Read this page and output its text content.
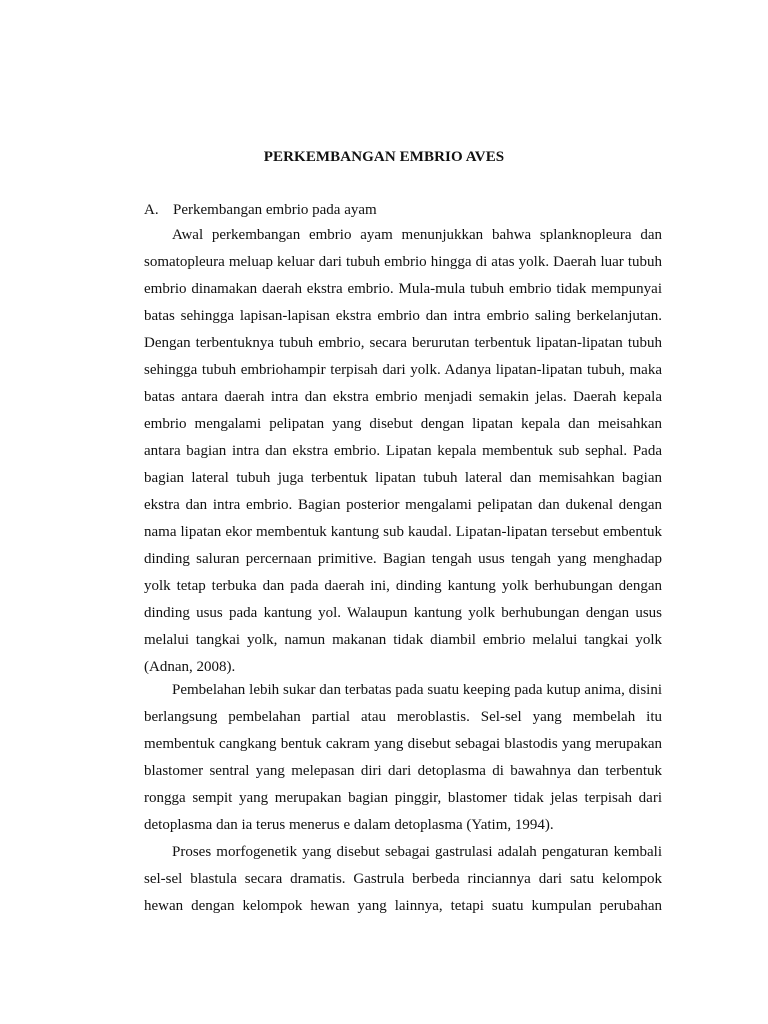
PERKEMBANGAN EMBRIO AVES
A. Perkembangan embrio pada ayam
Awal perkembangan embrio ayam menunjukkan bahwa splanknopleura dan
somatopleura meluap keluar dari tubuh embrio hingga di atas yolk. Daerah luar tubuh
embrio dinamakan daerah ekstra embrio. Mula-mula tubuh embrio tidak mempunyai
batas sehingga lapisan-lapisan ekstra embrio dan intra embrio saling berkelanjutan.
Dengan terbentuknya tubuh embrio, secara berurutan terbentuk lipatan-lipatan tubuh
sehingga tubuh embriohampir terpisah dari yolk. Adanya lipatan-lipatan tubuh, maka
batas antara daerah intra dan ekstra embrio menjadi semakin jelas. Daerah kepala
embrio mengalami pelipatan yang disebut dengan lipatan kepala dan meisahkan
antara bagian intra dan ekstra embrio. Lipatan kepala membentuk sub sephal. Pada
bagian lateral tubuh juga terbentuk lipatan tubuh lateral dan memisahkan bagian
ekstra dan intra embrio. Bagian posterior mengalami pelipatan dan dukenal dengan
nama lipatan ekor membentuk kantung sub kaudal. Lipatan-lipatan tersebut embentuk
dinding saluran percernaan primitive. Bagian tengah usus tengah yang menghadap
yolk tetap terbuka dan pada daerah ini, dinding kantung yolk berhubungan dengan
dinding usus pada kantung yol. Walaupun kantung yolk berhubungan dengan usus
melalui tangkai yolk, namun makanan tidak diambil embrio melalui tangkai yolk
(Adnan, 2008).
Pembelahan lebih sukar dan terbatas pada suatu keeping pada kutup anima, disini
berlangsung pembelahan partial atau meroblastis. Sel-sel yang membelah itu
membentuk cangkang bentuk cakram yang disebut sebagai blastodis yang merupakan
blastomer sentral yang melepasan diri dari detoplasma di bawahnya dan terbentuk
rongga sempit yang merupakan bagian pinggir, blastomer tidak jelas terpisah dari
detoplasma dan ia terus menerus e dalam detoplasma (Yatim, 1994).
Proses morfogenetik yang disebut sebagai gastrulasi adalah pengaturan kembali
sel-sel blastula secara dramatis. Gastrula berbeda rinciannya dari satu kelompok
hewan dengan kelompok hewan yang lainnya, tetapi suatu kumpulan perubahan
